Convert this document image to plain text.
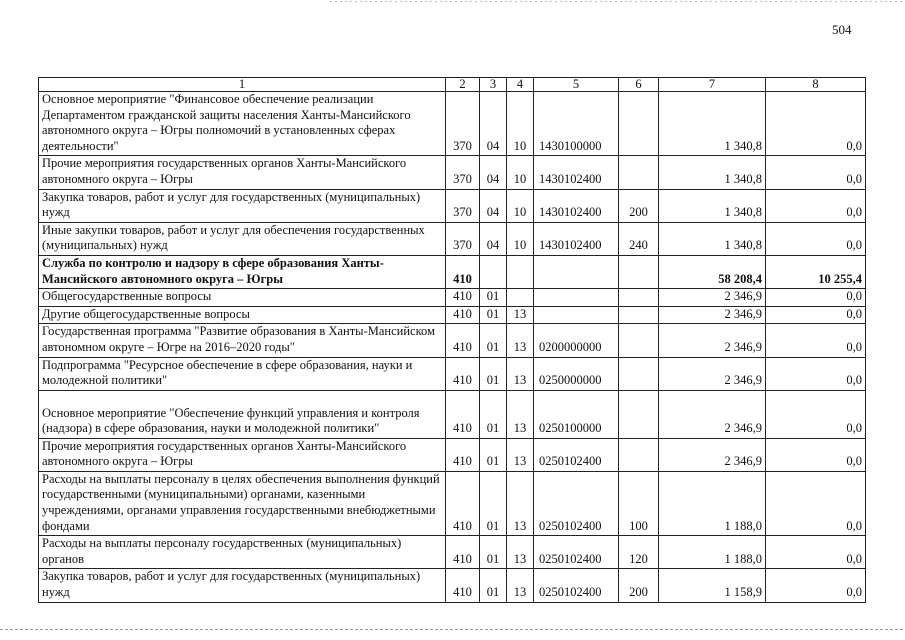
504
1	2	3	4	5	6	7	8
Основное мероприятие "Финансовое обеспечение реализации Департаментом гражданской защиты населения Ханты-Мансийского автономного округа – Югры полномочий в установленных сферах деятельности"	370	04	10	1430100000		1 340,8	0,0
Прочие мероприятия государственных органов Ханты-Мансийского автономного округа – Югры	370	04	10	1430102400		1 340,8	0,0
Закупка товаров, работ и услуг для государственных (муниципальных) нужд	370	04	10	1430102400	200	1 340,8	0,0
Иные закупки товаров, работ и услуг для обеспечения государственных (муниципальных) нужд	370	04	10	1430102400	240	1 340,8	0,0
Служба по контролю и надзору в сфере образования Ханты-Мансийского автономного округа – Югры	410					58 208,4	10 255,4
Общегосударственные вопросы	410	01				2 346,9	0,0
Другие общегосударственные вопросы	410	01	13			2 346,9	0,0
Государственная программа "Развитие образования в Ханты-Мансийском автономном округе – Югре на 2016–2020 годы"	410	01	13	0200000000		2 346,9	0,0
Подпрограмма "Ресурсное обеспечение в сфере образования, науки и молодежной политики"	410	01	13	0250000000		2 346,9	0,0
Основное мероприятие "Обеспечение функций управления и контроля (надзора) в сфере образования, науки и молодежной политики"	410	01	13	0250100000		2 346,9	0,0
Прочие мероприятия государственных органов Ханты-Мансийского автономного округа – Югры	410	01	13	0250102400		2 346,9	0,0
Расходы на выплаты персоналу в целях обеспечения выполнения функций государственными (муниципальными) органами, казенными учреждениями, органами управления государственными внебюджетными фондами	410	01	13	0250102400	100	1 188,0	0,0
Расходы на выплаты персоналу государственных (муниципальных) органов	410	01	13	0250102400	120	1 188,0	0,0
Закупка товаров, работ и услуг для государственных (муниципальных) нужд	410	01	13	0250102400	200	1 158,9	0,0
